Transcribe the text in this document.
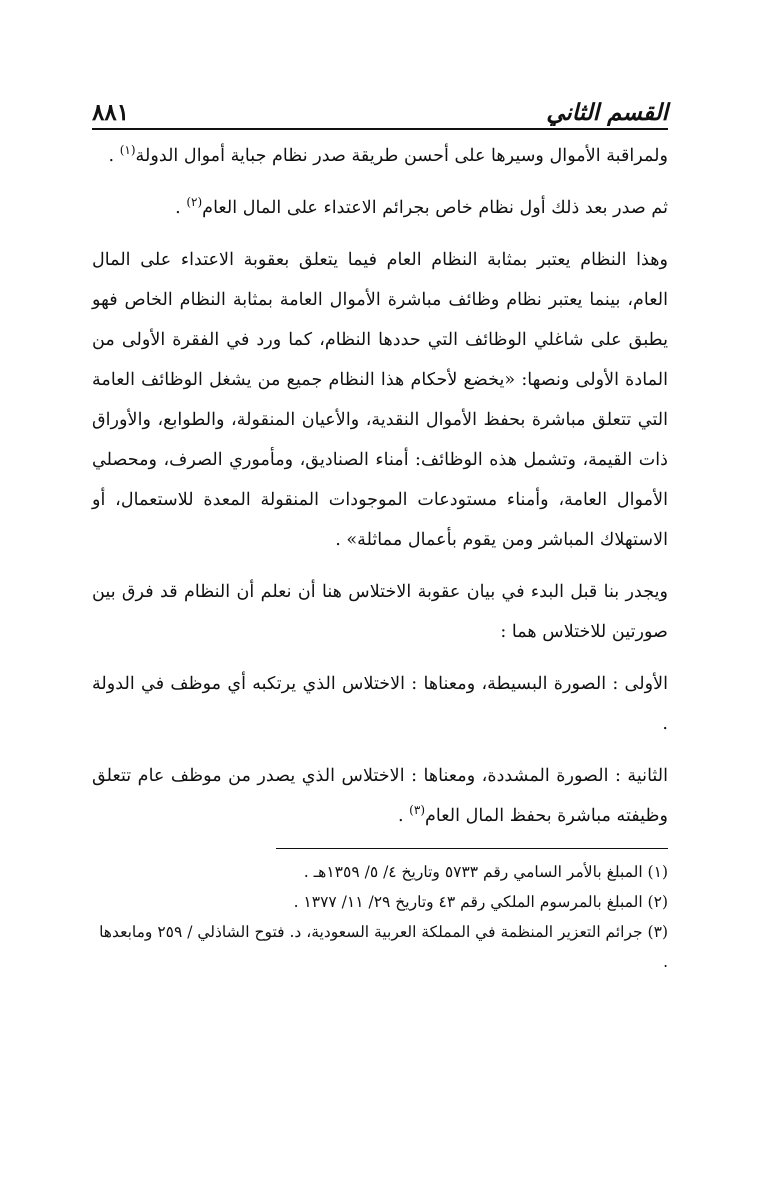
القسم الثاني
٨٨١

ولمراقبة الأموال وسيرها على أحسن طريقة صدر نظام جباية أموال الدولة$^{(١)}$ .

ثم صدر بعد ذلك أول نظام خاص بجرائم الاعتداء على المال العام$^{(٢)}$ .

وهذا النظام يعتبر بمثابة النظام العام فيما يتعلق بعقوبة الاعتداء على المال العام، بينما يعتبر نظام وظائف مباشرة الأموال العامة بمثابة النظام الخاص فهو يطبق على شاغلي الوظائف التي حددها النظام، كما ورد في الفقرة الأولى من المادة الأولى ونصها: «يخضع لأحكام هذا النظام جميع من يشغل الوظائف العامة التي تتعلق مباشرة بحفظ الأموال النقدية، والأعيان المنقولة، والطوابع، والأوراق ذات القيمة، وتشمل هذه الوظائف: أمناء الصناديق، ومأموري الصرف، ومحصلي الأموال العامة، وأمناء مستودعات الموجودات المنقولة المعدة للاستعمال، أو الاستهلاك المباشر ومن يقوم بأعمال مماثلة» .

ويجدر بنا قبل البدء في بيان عقوبة الاختلاس هنا أن نعلم أن النظام قد فرق بين صورتين للاختلاس هما :

الأولى : الصورة البسيطة، ومعناها : الاختلاس الذي يرتكبه أي موظف في الدولة .

الثانية : الصورة المشددة، ومعناها : الاختلاس الذي يصدر من موظف عام تتعلق وظيفته مباشرة بحفظ المال العام$^{(٣)}$ .

(١) المبلغ بالأمر السامي رقم ٥٧٣٣ وتاريخ ٤/ ٥/ ١٣٥٩هـ .

(٢) المبلغ بالمرسوم الملكي رقم ٤٣ وتاريخ ٢٩/ ١١/ ١٣٧٧ .

(٣) جرائم التعزير المنظمة في المملكة العربية السعودية، د. فتوح الشاذلي / ٢٥٩ ومابعدها .
